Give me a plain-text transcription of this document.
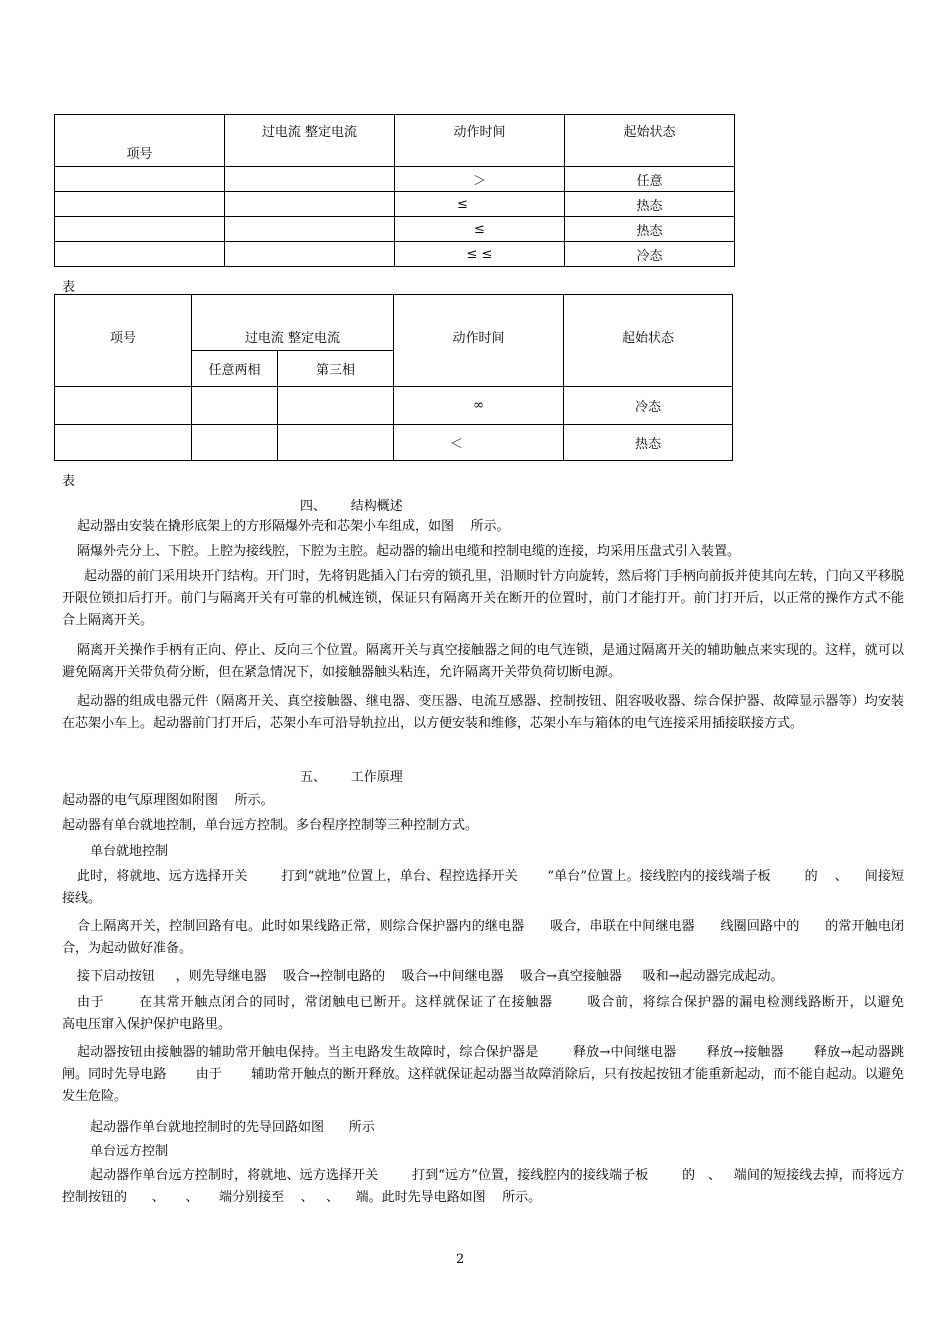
项号	过电流 整定电流	动作时间	起始状态
		＞	任意
		≤	热态
		≤	热态
		≤ ≤	冷态
表
项号	过电流 整定电流		动作时间	起始状态
	任意两相	第三相		
			∞	冷态
			＜	热态
表
四、      结构概述
起动器由安装在撬形底架上的方形隔爆外壳和芯架小车组成，如图    所示。
隔爆外壳分上、下腔。上腔为接线腔，下腔为主腔。起动器的输出电缆和控制电缆的连接，均采用压盘式引入装置。
起动器的前门采用块开门结构。开门时，先将钥匙插入门右旁的锁孔里，沿顺时针方向旋转，然后将门手柄向前扳并使其向左转，门向又平移脱开限位锁扣后打开。前门与隔离开关有可靠的机械连锁，保证只有隔离开关在断开的位置时，前门才能打开。前门打开后，以正常的操作方式不能合上隔离开关。
隔离开关操作手柄有正向、停止、反向三个位置。隔离开关与真空接触器之间的电气连锁，是通过隔离开关的辅助触点来实现的。这样，就可以避免隔离开关带负荷分断，但在紧急情况下，如接触器触头粘连，允许隔离开关带负荷切断电源。
起动器的组成电器元件（隔离开关、真空接触器、继电器、变压器、电流互感器、控制按钮、阻容吸收器、综合保护器、故障显示器等）均安装在芯架小车上。起动器前门打开后，芯架小车可沿导轨拉出，以方便安装和维修，芯架小车与箱体的电气连接采用插接联接方式。
五、      工作原理
起动器的电气原理图如附图    所示。
起动器有单台就地控制，单台远方控制。多台程序控制等三种控制方式。
单台就地控制
此时，将就地、远方选择开关        打到“就地”位置上，单台、程控选择开关       “单台”位置上。接线腔内的接线端子板        的    、    间接短接线。
合上隔离开关，控制回路有电。此时如果线路正常，则综合保护器内的继电器      吸合，串联在中间继电器      线圈回路中的      的常开触电闭合，为起动做好准备。
接下启动按钮     ，则先导继电器    吸合→控制电路的    吸合→中间继电器    吸合→真空接触器     吸和→起动器完成起动。
由于       在其常开触点闭合的同时，常闭触电已断开。这样就保证了在接触器       吸合前，将综合保护器的漏电检测线路断开，以避免           高电压窜入保护保护电路里。
起动器按钮由接触器的辅助常开触电保持。当主电路发生故障时，综合保护器是        释放→中间继电器       释放→接触器       释放→起动器跳闸。同时先导电路       由于       辅助常开触点的断开释放。这样就保证起动器当故障消除后，只有按起按钮才能重新起动，而不能自起动。以避免发生危险。
起动器作单台就地控制时的先导回路如图      所示
单台远方控制
起动器作单台远方控制时，将就地、远方选择开关        打到“远方”位置，接线腔内的接线端子板        的   、   端间的短接线去掉，而将远方控制按钮的      、     、     端分别接至    、   、    端。此时先导电路如图    所示。
2
